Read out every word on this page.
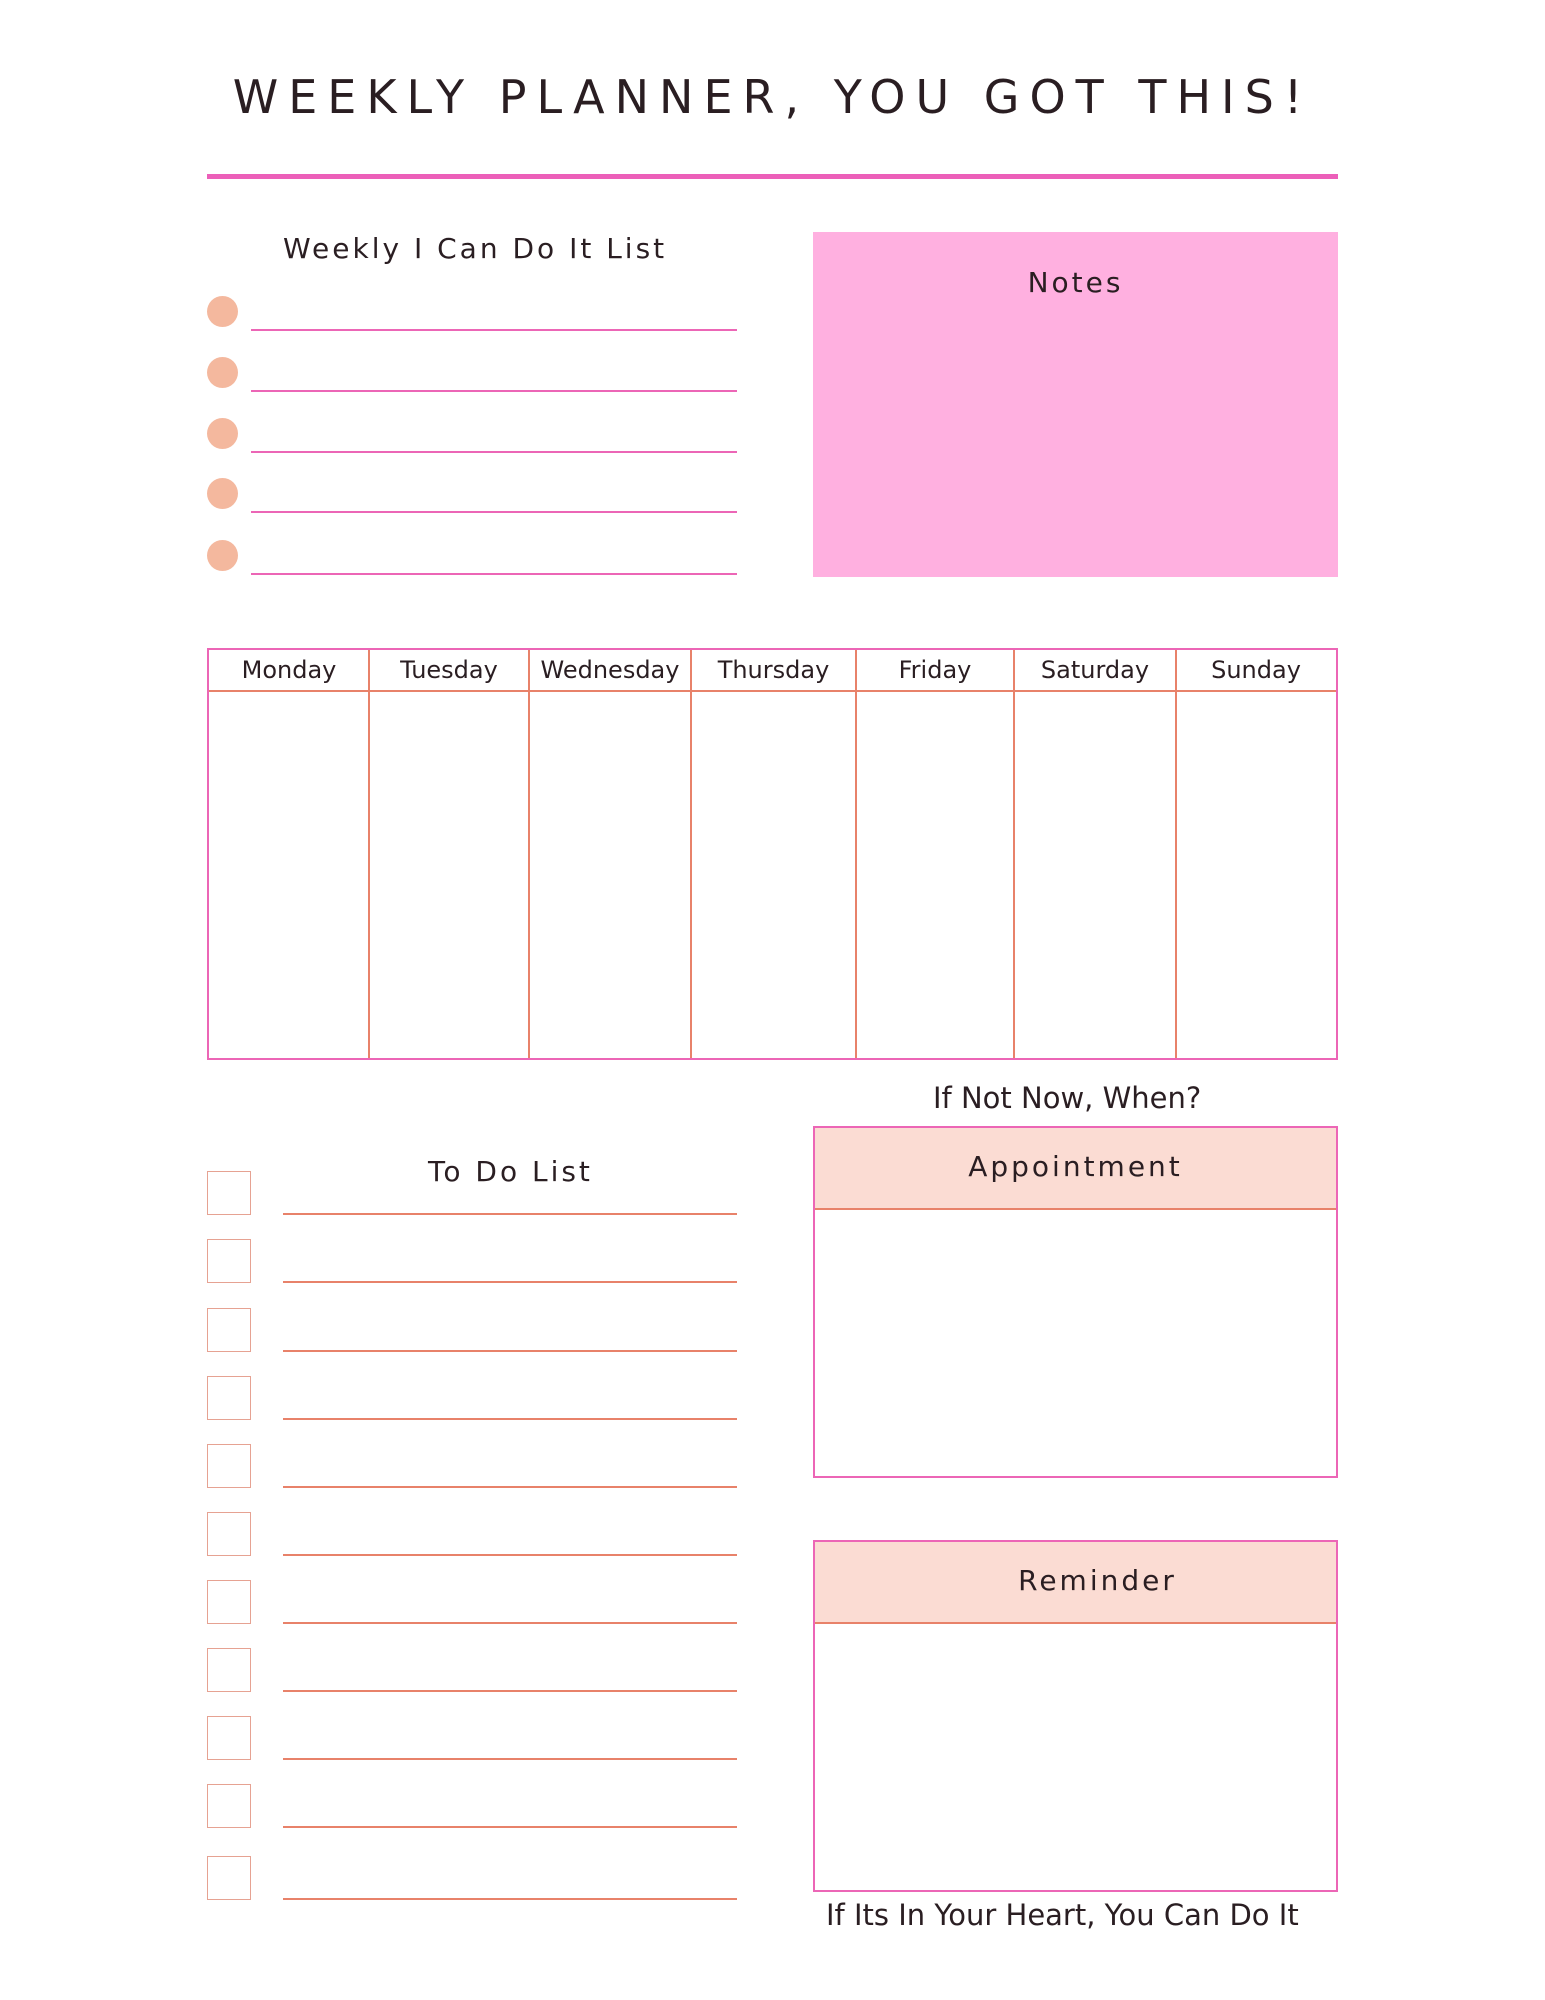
WEEKLY PLANNER, YOU GOT THIS!
Weekly I Can Do It List
Notes
Monday	Tuesday	Wednesday	Thursday	Friday	Saturday	Sunday
If Not Now, When?
To Do List	Appointment
Reminder
If Its In Your Heart, You Can Do It
